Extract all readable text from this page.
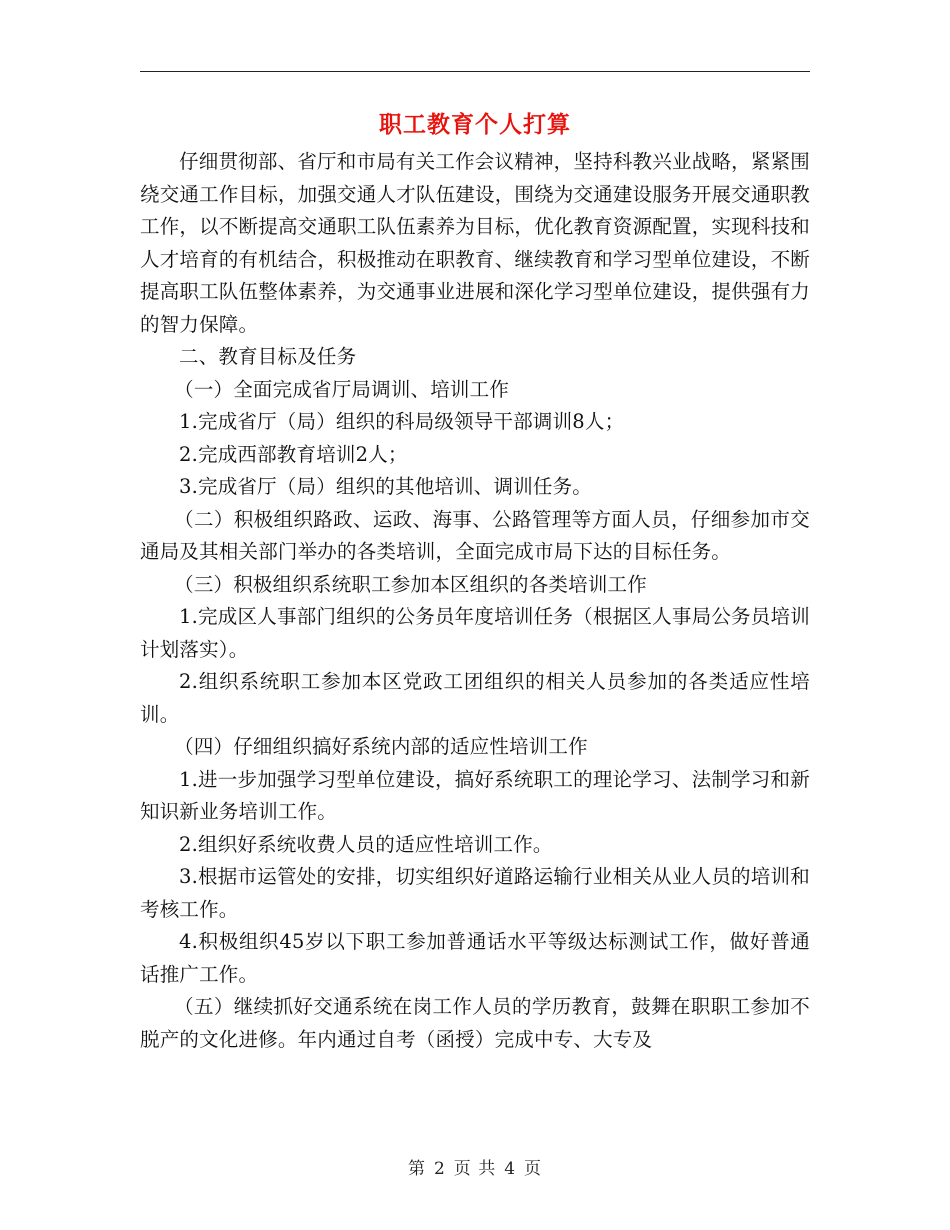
职工教育个人打算

仔细贯彻部、省厅和市局有关工作会议精神，坚持科教兴业战略，紧紧围绕交通工作目标，加强交通人才队伍建设，围绕为交通建设服务开展交通职教工作，以不断提高交通职工队伍素养为目标，优化教育资源配置，实现科技和人才培育的有机结合，积极推动在职教育、继续教育和学习型单位建设，不断提高职工队伍整体素养，为交通事业进展和深化学习型单位建设，提供强有力的智力保障。

二、教育目标及任务

（一）全面完成省厅局调训、培训工作

1.完成省厅（局）组织的科局级领导干部调训8人；

2.完成西部教育培训2人；

3.完成省厅（局）组织的其他培训、调训任务。

（二）积极组织路政、运政、海事、公路管理等方面人员，仔细参加市交通局及其相关部门举办的各类培训，全面完成市局下达的目标任务。

（三）积极组织系统职工参加本区组织的各类培训工作

1.完成区人事部门组织的公务员年度培训任务（根据区人事局公务员培训计划落实）。

2.组织系统职工参加本区党政工团组织的相关人员参加的各类适应性培训。

（四）仔细组织搞好系统内部的适应性培训工作

1.进一步加强学习型单位建设，搞好系统职工的理论学习、法制学习和新知识新业务培训工作。

2.组织好系统收费人员的适应性培训工作。

3.根据市运管处的安排，切实组织好道路运输行业相关从业人员的培训和考核工作。

4.积极组织45岁以下职工参加普通话水平等级达标测试工作，做好普通话推广工作。

（五）继续抓好交通系统在岗工作人员的学历教育，鼓舞在职职工参加不脱产的文化进修。年内通过自考（函授）完成中专、大专及

第 2 页 共 4 页
